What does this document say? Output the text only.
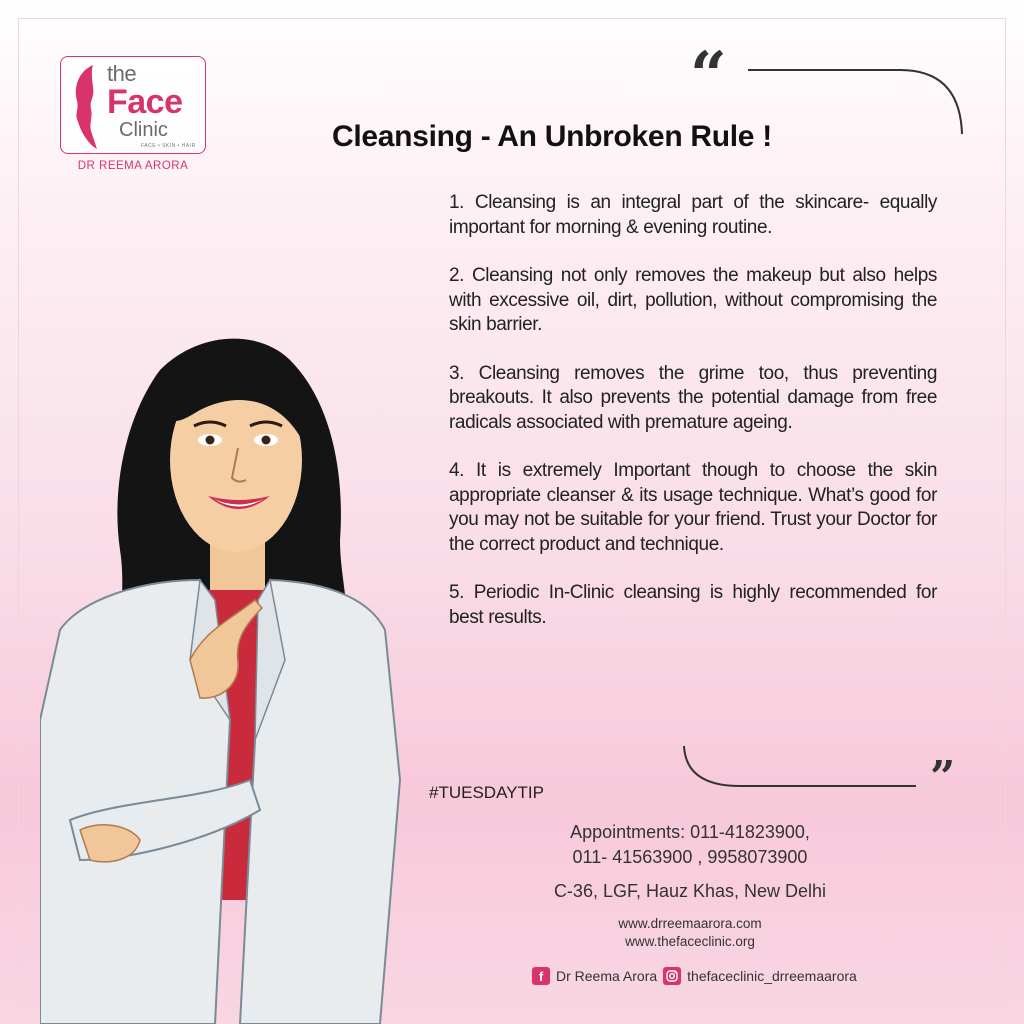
the
Face
Clinic
FACE • SKIN • HAIR
DR REEMA ARORA
“
”
Cleansing - An Unbroken Rule !

1. Cleansing is an integral part of the skincare- equally important for morning & evening routine.

2. Cleansing not only removes the makeup but also helps with excessive oil, dirt, pollution, without compromising the skin barrier.

3. Cleansing removes the grime too, thus preventing breakouts. It also prevents the potential damage from free radicals associated with premature ageing.

4. It is extremely Important though to choose the skin appropriate cleanser & its usage technique. What’s good for you may not be suitable for your friend. Trust your Doctor for the correct product and technique.

5. Periodic In-Clinic cleansing is highly recommended for best results.

#TUESDAYTIP
Appointments: 011-41823900,
011- 41563900 , 9958073900
C-36, LGF, Hauz Khas, New Delhi
www.drreemaarora.com
www.thefaceclinic.org
f Dr Reema Arora thefaceclinic_drreemaarora
